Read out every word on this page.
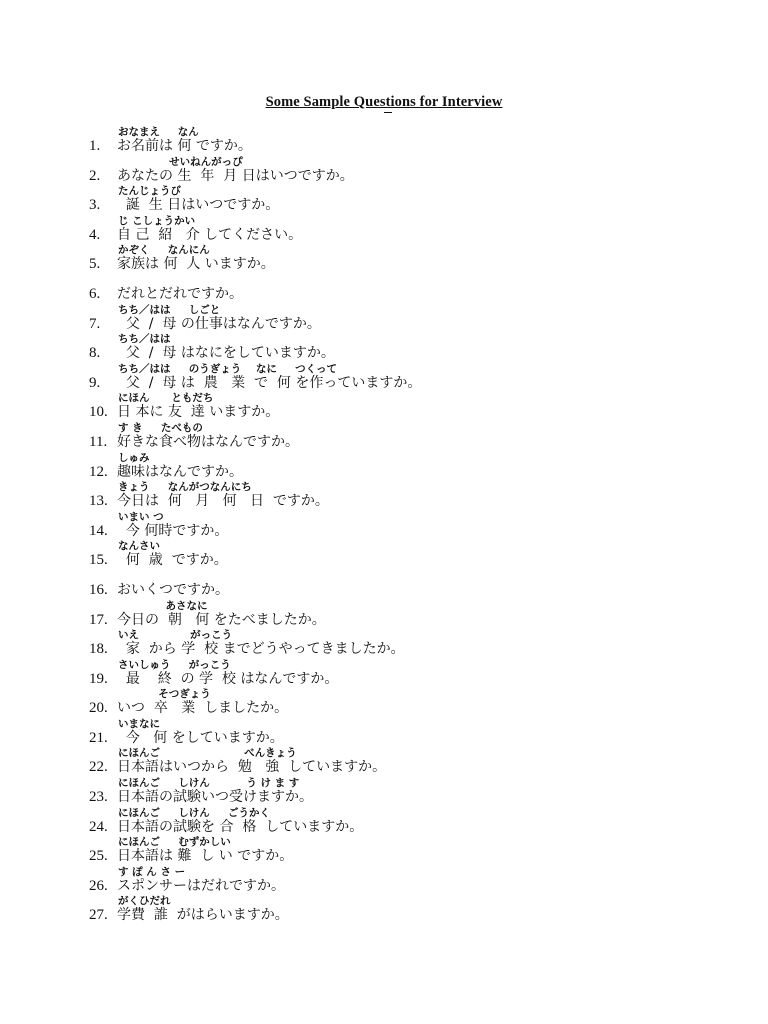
Some Sample Questions for Interview
おなまえ　  なん
1. お名前は 何 ですか。
せいねんがっぴ
2. あなたの 生  年  月 日はいつですか。
たんじょうび
3. 誕  生 日はいつですか。
じ こしょうかい
4. 自 己  紹   介 してください。
かぞく     なんにん
5. 家族は 何  人 いますか。
6. だれとだれですか。
ちち／はは     しごと
7. 父  /  母 の仕事はなんですか。
ちち／はは
8. 父  /  母 はなにをしていますか。
ちち／はは     のうぎょう    なに     つくって
9. 父  /  母 は  農   業  で  何 を作っていますか。
にほん      ともだち
10. 日 本に 友  達 いますか。
す き     たべもの
11. 好きな食べ物はなんですか。
しゅみ
12. 趣味はなんですか。
きょう     なんがつなんにち
13. 今日は  何   月   何   日  ですか。
いまい つ
14. 今 何時ですか。
なんさい
15. 何  歳  ですか。
16. おいくつですか。
あさなに
17. 今日の  朝   何 をたべましたか。
いえ              がっこう
18. 家  から 学  校 までどうやってきましたか。
さいしゅう     がっこう
19. 最    終  の 学  校 はなんですか。
そつぎょう
20. いつ  卒   業  しましたか。
いまなに
21. 今   何 をしていますか。
にほんご                       べんきょう
22. 日本語はいつから  勉   強  していますか。
にほんご     しけん          う け ま す
23. 日本語の試験いつ受けますか。
にほんご     しけん     ごうかく
24. 日本語の試験を 合  格  していますか。
にほんご     むずかしい
25. 日本語は 難  し い ですか。
す ぽ ん さ ー
26. スポンサーはだれですか。
がくひだれ
27. 学費  誰  がはらいますか。
